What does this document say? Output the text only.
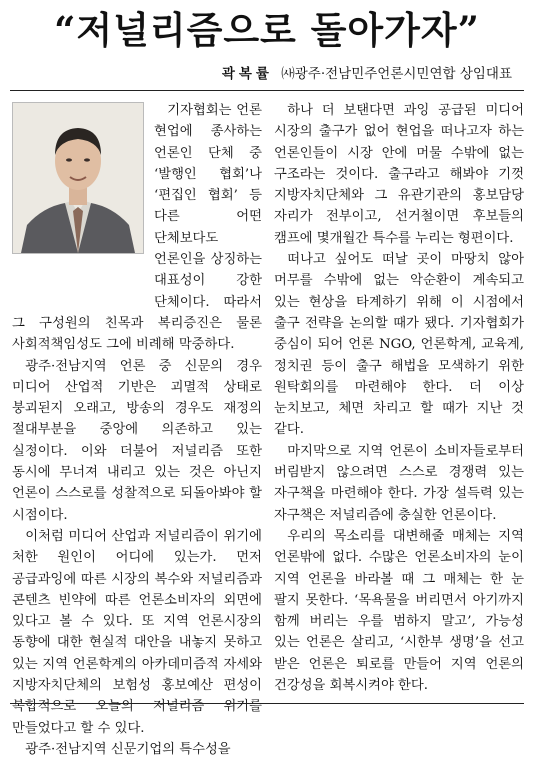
“저널리즘으로 돌아가자”
곽복률 ㈔광주·전남민주언론시민연합 상임대표

기자협회는 언론 현업에 종사하는 언론인 단체 중 ‘발행인 협회’나 ‘편집인 협회’ 등 다른 어떤 단체보다도 언론인을 상징하는 대표성이 강한 단체이다. 따라서 그 구성원의 친목과 복리증진은 물론 사회적책임성도 그에 비례해 막중하다.

광주·전남지역 언론 중 신문의 경우 미디어 산업적 기반은 괴멸적 상태로 붕괴된지 오래고, 방송의 경우도 재정의 절대부분을 중앙에 의존하고 있는 실정이다. 이와 더불어 저널리즘 또한 동시에 무너져 내리고 있는 것은 아닌지 언론이 스스로를 성찰적으로 되돌아봐야 할 시점이다.

이처럼 미디어 산업과 저널리즘이 위기에 처한 원인이 어디에 있는가. 먼저 공급과잉에 따른 시장의 복수와 저널리즘과 콘텐츠 빈약에 따른 언론소비자의 외면에 있다고 볼 수 있다. 또 지역 언론시장의 동향에 대한 현실적 대안을 내놓지 못하고 있는 지역 언론학계의 아카데미즘적 자세와 지방자치단체의 보험성 홍보예산 편성이 복합적으로 오늘의 저널리즘 위기를 만들었다고 할 수 있다.

광주·전남지역 신문기업의 특수성을

하나 더 보탠다면 과잉 공급된 미디어 시장의 출구가 없어 현업을 떠나고자 하는 언론인들이 시장 안에 머물 수밖에 없는 구조라는 것이다. 출구라고 해봐야 기껏 지방자치단체와 그 유관기관의 홍보담당 자리가 전부이고, 선거철이면 후보들의 캠프에 몇개월간 특수를 누리는 형편이다.

떠나고 싶어도 떠날 곳이 마땅치 않아 머무를 수밖에 없는 악순환이 계속되고 있는 현상을 타계하기 위해 이 시점에서 출구 전략을 논의할 때가 됐다. 기자협회가 중심이 되어 언론 NGO, 언론학계, 교육계, 정치권 등이 출구 해법을 모색하기 위한 원탁회의를 마련해야 한다. 더 이상 눈치보고, 체면 차리고 할 때가 지난 것 같다.

마지막으로 지역 언론이 소비자들로부터 버림받지 않으려면 스스로 경쟁력 있는 자구책을 마련해야 한다. 가장 설득력 있는 자구책은 저널리즘에 충실한 언론이다.

우리의 목소리를 대변해줄 매체는 지역 언론밖에 없다. 수많은 언론소비자의 눈이 지역 언론을 바라볼 때 그 매체는 한 눈 팔지 못한다. ‘목욕물을 버리면서 아기까지 함께 버리는 우를 범하지 말고’, 가능성 있는 언론은 살리고, ‘시한부 생명’을 선고 받은 언론은 퇴로를 만들어 지역 언론의 건강성을 회복시켜야 한다.
